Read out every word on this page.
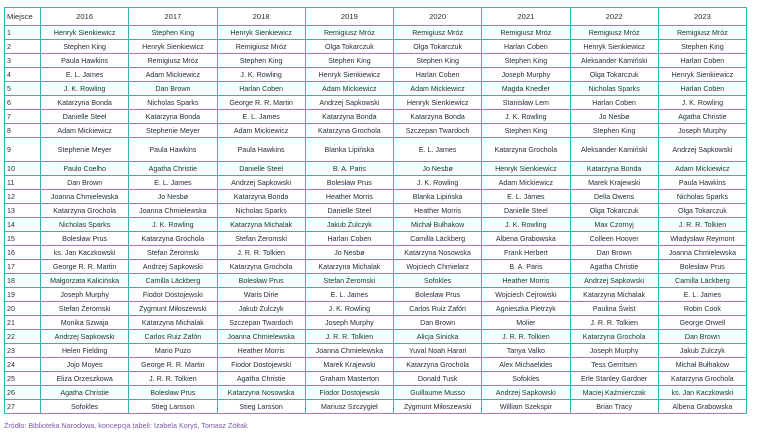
Miejsce	2016	2017	2018	2019	2020	2021	2022	2023
1	Henryk Sienkiewicz	Stephen King	Henryk Sienkiewicz	Remigiusz Mróz	Remigiusz Mróz	Remigiusz Mróz	Remigiusz Mróz	Remigiusz Mróz
2	Stephen King	Henryk Sienkiewicz	Remigiusz Mróz	Olga Tokarczuk	Olga Tokarczuk	Harlan Coben	Henryk Sienkiewicz	Stephen King
3	Paula Hawkins	Remigiusz Mróz	Stephen King	Stephen King	Stephen King	Stephen King	Aleksander Kamiński	Harlan Coben
4	E. L. James	Adam Mickiewicz	J. K. Rowling	Henryk Sienkiewicz	Harlan Coben	Joseph Murphy	Olga Tokarczuk	Henryk Sienkiewicz
5	J. K. Rowling	Dan Brown	Harlan Coben	Adam Mickiewicz	Adam Mickiewicz	Magda Knedler	Nicholas Sparks	Harlan Coben
6	Katarzyna Bonda	Nicholas Sparks	George R. R. Martin	Andrzej Sapkowski	Henryk Sienkiewicz	Stanisław Lem	Harlan Coben	J. K. Rowling
7	Danielle Steel	Katarzyna Bonda	E. L. James	Katarzyna Bonda	Katarzyna Bonda	J. K. Rowling	Jo Nesbø	Agatha Christie
8	Adam Mickiewicz	Stephenie Meyer	Adam Mickiewicz	Katarzyna Grochola	Szczepan Twardoch	Stephen King	Stephen King	Joseph Murphy
9	Stephenie Meyer	Paula Hawkins	Paula Hawkins	Blanka Lipińska	E. L. James	Katarzyna Grochola	Aleksander Kamiński	Andrzej Sapkowski
10	Paulo Coelho	Agatha Christie	Danielle Steel	B. A. Paris	Jo Nesbø	Henryk Sienkiewicz	Katarzyna Bonda	Adam Mickiewicz
11	Dan Brown	E. L. James	Andrzej Sapkowski	Bolesław Prus	J. K. Rowling	Adam Mickiewicz	Marek Krajewski	Paula Hawkins
12	Joanna Chmielewska	Jo Nesbø	Katarzyna Bonda	Heather Morris	Blanka Lipińska	E. L. James	Delia Owens	Nicholas Sparks
13	Katarzyna Grochola	Joanna Chmielewska	Nicholas Sparks	Danielle Steel	Heather Morris	Danielle Steel	Olga Tokarczuk	Olga Tokarczuk
14	Nicholas Sparks	J. K. Rowling	Katarzyna Michalak	Jakub Żulczyk	Michał Bułhakow	J. K. Rowling	Max Czornyj	J. R. R. Tolkien
15	Bolesław Prus	Katarzyna Grochola	Stefan Żeromski	Harlan Coben	Camilla Läckberg	Albena Grabowska	Colleen Hoover	Władysław Reymont
16	ks. Jan Kaczkowski	Stefan Żeromski	J. R. R. Tolkien	Jo Nesbø	Katarzyna Nosowska	Frank Herbert	Dan Brown	Joanna Chmielewska
17	George R. R. Martin	Andrzej Sapkowski	Katarzyna Grochola	Katarzyna Michalak	Wojciech Chmielarz	B. A. Paris	Agatha Christie	Bolesław Prus
18	Małgorzata Kalicińska	Camilla Läckberg	Bolesław Prus	Stefan Żeromski	Sofokles	Heather Morris	Andrzej Sapkowski	Camilla Läckberg
19	Joseph Murphy	Fiodor Dostojewski	Waris Dirie	E. L. James	Bolesław Prus	Wojciech Cejrowski	Katarzyna Michalak	E. L. James
20	Stefan Żeromski	Zygmunt Miłoszewski	Jakub Żulczyk	J. K. Rowling	Carlos Ruiz Zafón	Agnieszka Pietrzyk	Paulina Świst	Robin Cook
21	Monika Szwaja	Katarzyna Michalak	Szczepan Twardoch	Joseph Murphy	Dan Brown	Molier	J. R. R. Tolkien	George Orwell
22	Andrzej Sapkowski	Carlos Ruiz Zafón	Joanna Chmielewska	J. R. R. Tolkien	Alicja Sinicka	J. R. R. Tolkien	Katarzyna Grochola	Dan Brown
23	Helen Fielding	Mario Puzo	Heather Morris	Joanna Chmielewska	Yuval Noah Harari	Tanya Valko	Joseph Murphy	Jakub Żulczyk
24	Jojo Moyes	George R. R. Martin	Fiodor Dostojewski	Marek Krajewski	Katarzyna Grochola	Alex Michaelides	Tess Gerritsen	Michał Bułhakow
25	Eliza Orzeszkowa	J. R. R. Tolkien	Agatha Christie	Graham Masterton	Donald Tusk	Sofokles	Erle Stanley Gardner	Katarzyna Grochola
26	Agatha Christie	Bolesław Prus	Katarzyna Nosowska	Fiodor Dostojewski	Guillaume Musso	Andrzej Sapkowski	Maciej Kaźmierczak	ks. Jan Kaczkowski
27	Sofokles	Stieg Larsson	Stieg Larsson	Mariusz Szczygieł	Zygmunt Miłoszewski	William Szekspir	Brian Tracy	Albena Grabowska
Źródło: Biblioteka Narodowa, koncepcja tabeli: Izabela Koryś, Tomasz Żółtak
